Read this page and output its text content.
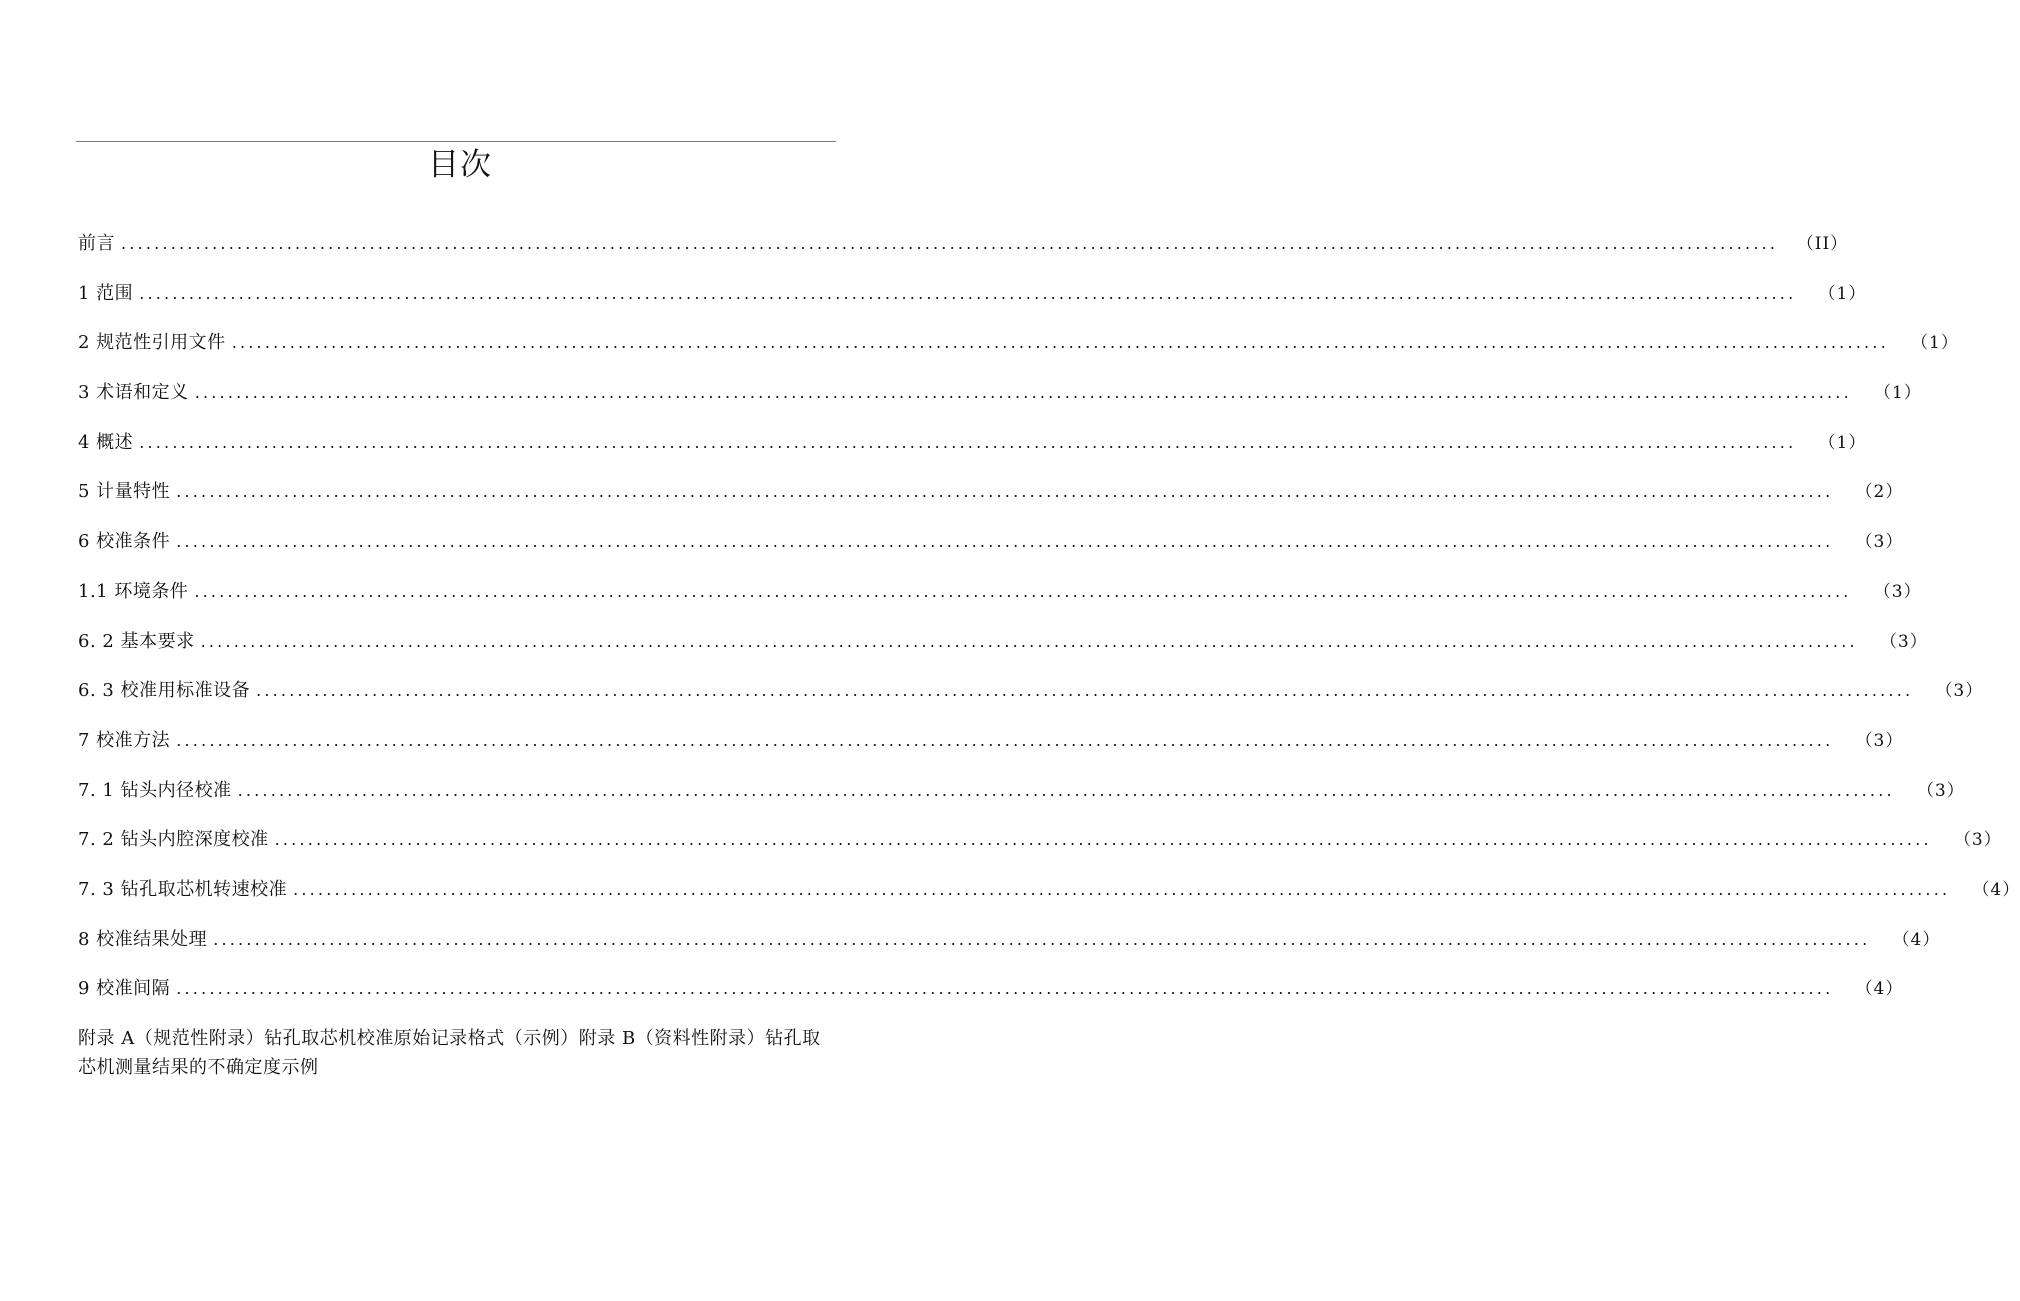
目次
前言 ........................................................................................................................................................................................................	（II）
1 范围 ........................................................................................................................................................................................................	（1）
2 规范性引用文件 ........................................................................................................................................................................................................	（1）
3 术语和定义 ........................................................................................................................................................................................................	（1）
4 概述 ........................................................................................................................................................................................................	（1）
5 计量特性 ........................................................................................................................................................................................................	（2）
6 校准条件 ........................................................................................................................................................................................................	（3）
1.1 环境条件 ........................................................................................................................................................................................................	（3）
6. 2 基本要求 ........................................................................................................................................................................................................	（3）
6. 3 校准用标准设备 ........................................................................................................................................................................................................	（3）
7 校准方法 ........................................................................................................................................................................................................	（3）
7. 1 钻头内径校准 ........................................................................................................................................................................................................	（3）
7. 2 钻头内腔深度校准 ........................................................................................................................................................................................................	（3）
7. 3 钻孔取芯机转速校准 ........................................................................................................................................................................................................	（4）
8 校准结果处理 ........................................................................................................................................................................................................	（4）
9 校准间隔 ........................................................................................................................................................................................................	（4）

附录 A（规范性附录）钻孔取芯机校准原始记录格式（示例）附录 B（资料性附录）钻孔取芯机测量结果的不确定度示例
